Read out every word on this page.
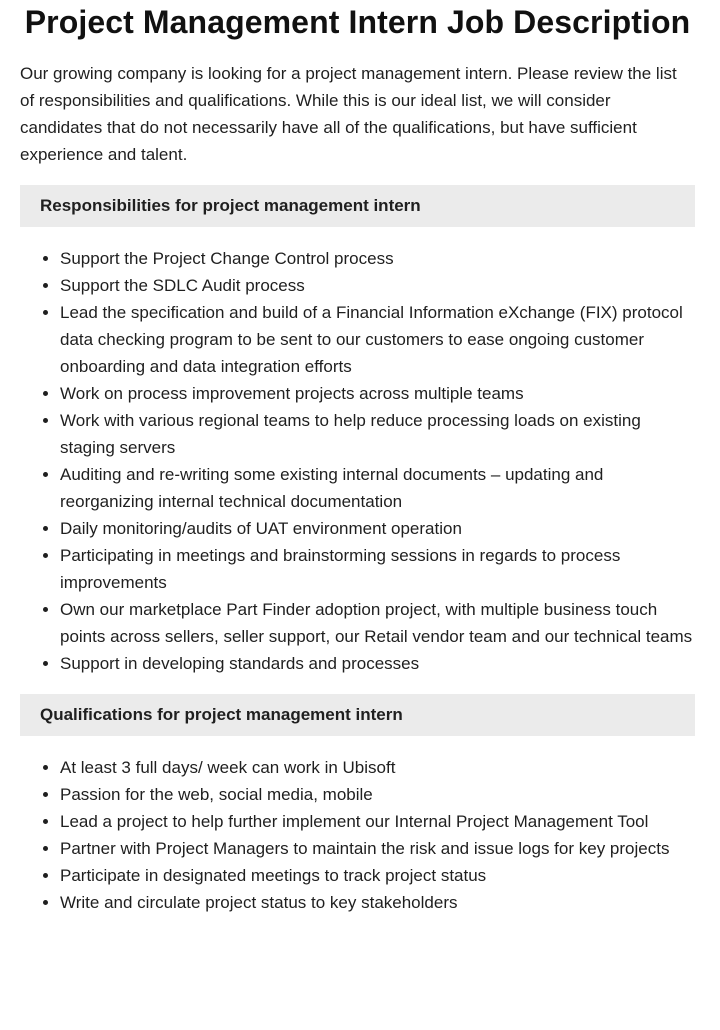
Project Management Intern Job Description

Our growing company is looking for a project management intern. Please review the list of responsibilities and qualifications. While this is our ideal list, we will consider candidates that do not necessarily have all of the qualifications, but have sufficient experience and talent.

Responsibilities for project management intern
• Support the Project Change Control process
• Support the SDLC Audit process
• Lead the specification and build of a Financial Information eXchange (FIX) protocol data checking program to be sent to our customers to ease ongoing customer onboarding and data integration efforts
• Work on process improvement projects across multiple teams
• Work with various regional teams to help reduce processing loads on existing staging servers
• Auditing and re-writing some existing internal documents – updating and reorganizing internal technical documentation
• Daily monitoring/audits of UAT environment operation
• Participating in meetings and brainstorming sessions in regards to process improvements
• Own our marketplace Part Finder adoption project, with multiple business touch points across sellers, seller support, our Retail vendor team and our technical teams
• Support in developing standards and processes
Qualifications for project management intern
• At least 3 full days/ week can work in Ubisoft
• Passion for the web, social media, mobile
• Lead a project to help further implement our Internal Project Management Tool
• Partner with Project Managers to maintain the risk and issue logs for key projects
• Participate in designated meetings to track project status
• Write and circulate project status to key stakeholders
